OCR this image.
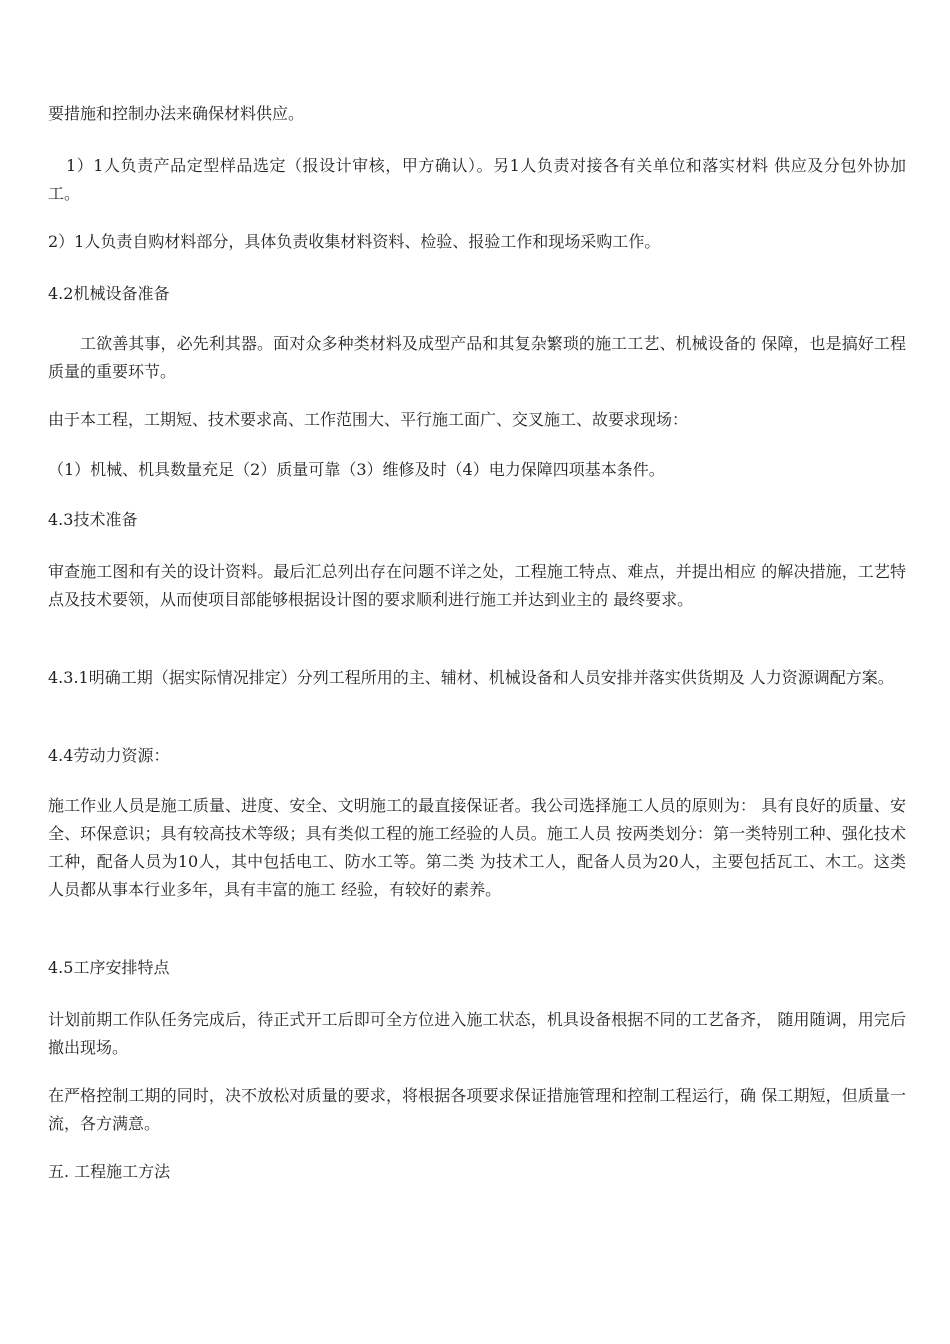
要措施和控制办法来确保材料供应。

1）1人负责产品定型样品选定（报设计审核，甲方确认）。另1人负责对接各有关单位和落实材料 供应及分包外协加工。

2）1人负责自购材料部分，具体负责收集材料资料、检验、报验工作和现场采购工作。

4.2机械设备准备

工欲善其事，必先利其器。面对众多种类材料及成型产品和其复杂繁琐的施工工艺、机械设备的 保障，也是搞好工程质量的重要环节。

由于本工程，工期短、技术要求高、工作范围大、平行施工面广、交叉施工、故要求现场：

（1）机械、机具数量充足（2）质量可靠（3）维修及时（4）电力保障四项基本条件。

4.3技术准备

审查施工图和有关的设计资料。最后汇总列出存在问题不详之处，工程施工特点、难点，并提出相应 的解决措施，工艺特点及技术要领，从而使项目部能够根据设计图的要求顺利进行施工并达到业主的 最终要求。

4.3.1明确工期（据实际情况排定）分列工程所用的主、辅材、机械设备和人员安排并落实供货期及 人力资源调配方案。

4.4劳动力资源：

施工作业人员是施工质量、进度、安全、文明施工的最直接保证者。我公司选择施工人员的原则为： 具有良好的质量、安全、环保意识；具有较高技术等级；具有类似工程的施工经验的人员。施工人员 按两类划分：第一类特别工种、强化技术工种，配备人员为10人，其中包括电工、防水工等。第二类 为技术工人，配备人员为20人，主要包括瓦工、木工。这类人员都从事本行业多年，具有丰富的施工 经验，有较好的素养。

4.5工序安排特点

计划前期工作队任务完成后，待正式开工后即可全方位进入施工状态，机具设备根据不同的工艺备齐， 随用随调，用完后撤出现场。

在严格控制工期的同时，决不放松对质量的要求，将根据各项要求保证措施管理和控制工程运行，确 保工期短，但质量一流，各方满意。

五. 工程施工方法
